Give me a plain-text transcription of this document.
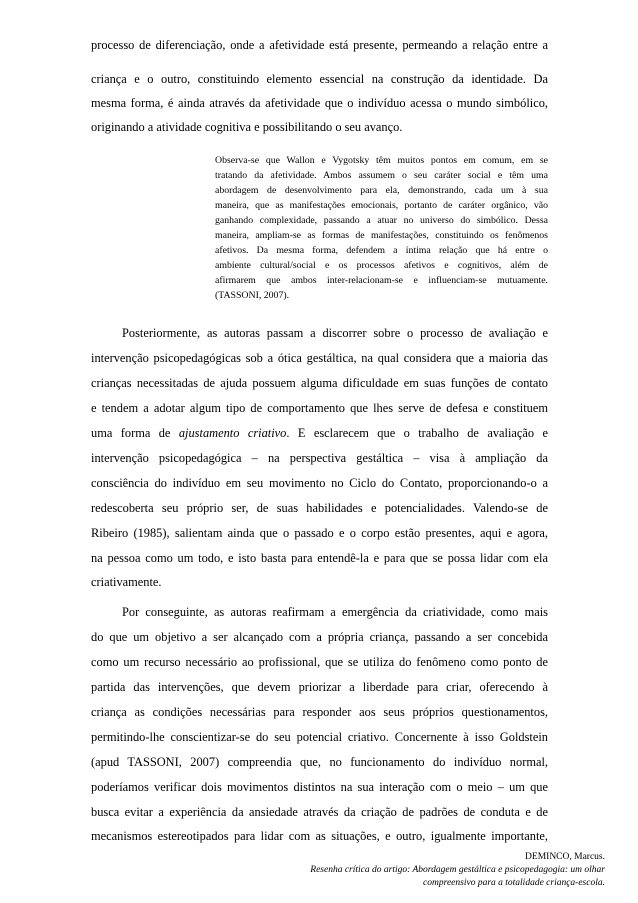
processo de diferenciação, onde a afetividade está presente, permeando a relação entre a
criança e o outro, constituindo elemento essencial na construção da identidade. Da
mesma forma, é ainda através da afetividade que o indivíduo acessa o mundo simbólico,
originando a atividade cognitiva e possibilitando o seu avanço.
Observa-se que Wallon e Vygotsky têm muitos pontos em comum, em se
tratando da afetividade. Ambos assumem o seu caráter social e têm uma
abordagem de desenvolvimento para ela, demonstrando, cada um à sua
maneira, que as manifestações emocionais, portanto de caráter orgânico, vão
ganhando complexidade, passando a atuar no universo do simbólico. Dessa
maneira, ampliam-se as formas de manifestações, constituindo os fenômenos
afetivos. Da mesma forma, defendem a íntima relação que há entre o
ambiente cultural/social e os processos afetivos e cognitivos, além de
afirmarem que ambos inter-relacionam-se e influenciam-se mutuamente.
(TASSONI, 2007).
Posteriormente, as autoras passam a discorrer sobre o processo de avaliação e
intervenção psicopedagógicas sob a ótica gestáltica, na qual considera que a maioria das
crianças necessitadas de ajuda possuem alguma dificuldade em suas funções de contato
e tendem a adotar algum tipo de comportamento que lhes serve de defesa e constituem
uma forma de ajustamento criativo. E esclarecem que o trabalho de avaliação e
intervenção psicopedagógica – na perspectiva gestáltica – visa à ampliação da
consciência do indivíduo em seu movimento no Ciclo do Contato, proporcionando-o a
redescoberta seu próprio ser, de suas habilidades e potencialidades. Valendo-se de
Ribeiro (1985), salientam ainda que o passado e o corpo estão presentes, aqui e agora,
na pessoa como um todo, e isto basta para entendê-la e para que se possa lidar com ela
criativamente.
Por conseguinte, as autoras reafirmam a emergência da criatividade, como mais
do que um objetivo a ser alcançado com a própria criança, passando a ser concebida
como um recurso necessário ao profissional, que se utiliza do fenômeno como ponto de
partida das intervenções, que devem priorizar a liberdade para criar, oferecendo à
criança as condições necessárias para responder aos seus próprios questionamentos,
permitindo-lhe conscientizar-se do seu potencial criativo. Concernente à isso Goldstein
(apud TASSONI, 2007) compreendia que, no funcionamento do indivíduo normal,
poderíamos verificar dois movimentos distintos na sua interação com o meio – um que
busca evitar a experiência da ansiedade através da criação de padrões de conduta e de
mecanismos estereotipados para lidar com as situações, e outro, igualmente importante,
DEMINCO, Marcus.
Resenha crítica do artigo: Abordagem gestáltica e psicopedagogia: um olhar
compreensivo para a totalidade criança-escola.
